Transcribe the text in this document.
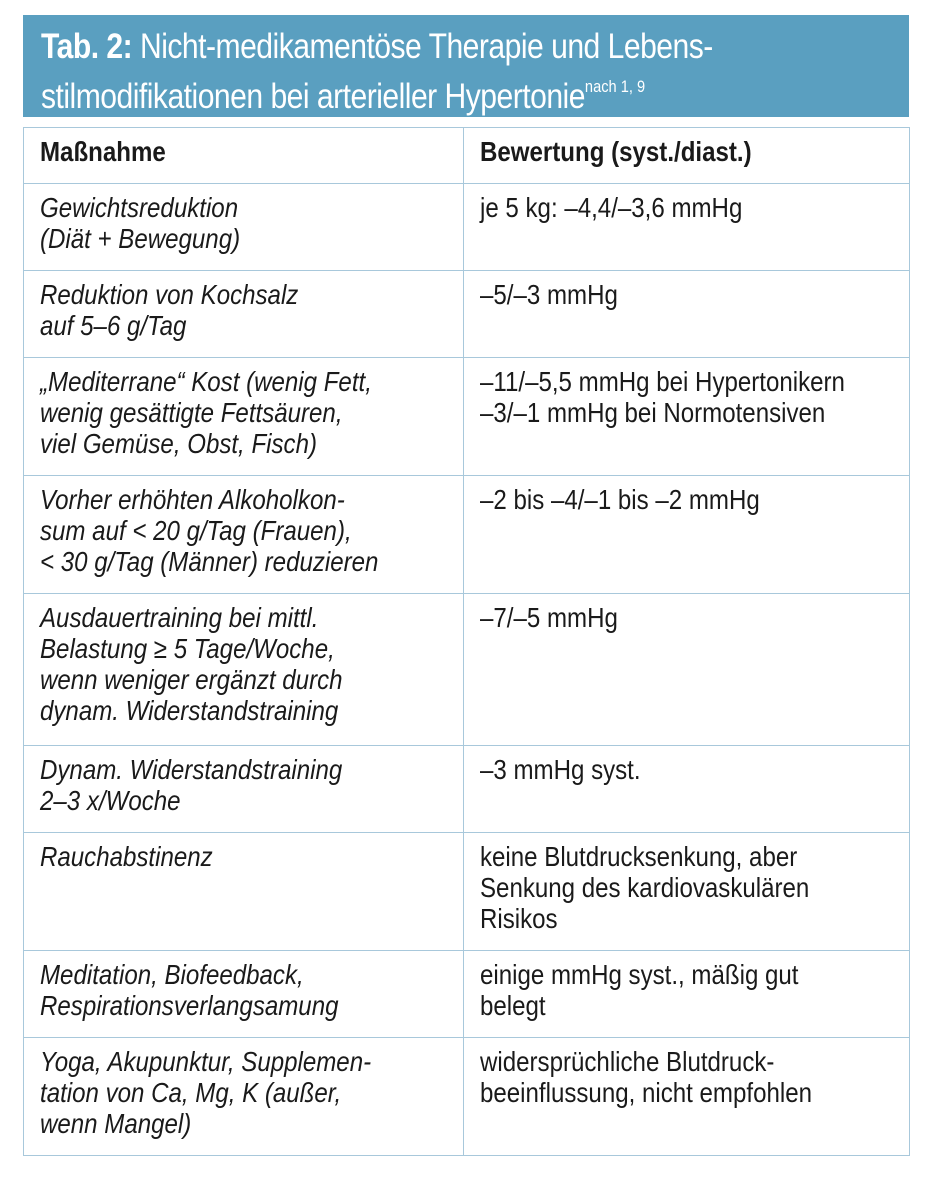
Tab. 2: Nicht-medikamentöse Therapie und Lebens-
stilmodifikationen bei arterieller Hypertonie$^{nach 1, 9}$
Maßnahme	Bewertung (syst./diast.)

Gewichtsreduktion
(Diät + Bewegung)	je 5 kg: –4,4/–3,6 mmHg

Reduktion von Kochsalz
auf 5–6 g/Tag	–5/–3 mmHg

„Mediterrane“ Kost (wenig Fett,
wenig gesättigte Fettsäuren,
viel Gemüse, Obst, Fisch)	–11/–5,5 mmHg bei Hypertonikern
–3/–1 mmHg bei Normotensiven

Vorher erhöhten Alkoholkon-
sum auf < 20 g/Tag (Frauen),
< 30 g/Tag (Männer) reduzieren	–2 bis –4/–1 bis –2 mmHg

Ausdauertraining bei mittl.
Belastung ≥ 5 Tage/Woche,
wenn weniger ergänzt durch
dynam. Widerstandstraining	–7/–5 mmHg

Dynam. Widerstandstraining
2–3 x/Woche	–3 mmHg syst.

Rauchabstinenz	keine Blutdrucksenkung, aber
Senkung des kardiovaskulären
Risikos

Meditation, Biofeedback,
Respirationsverlangsamung	einige mmHg syst., mäßig gut
belegt

Yoga, Akupunktur, Supplemen-
tation von Ca, Mg, K (außer,
wenn Mangel)	widersprüchliche Blutdruck-
beeinflussung, nicht empfohlen
